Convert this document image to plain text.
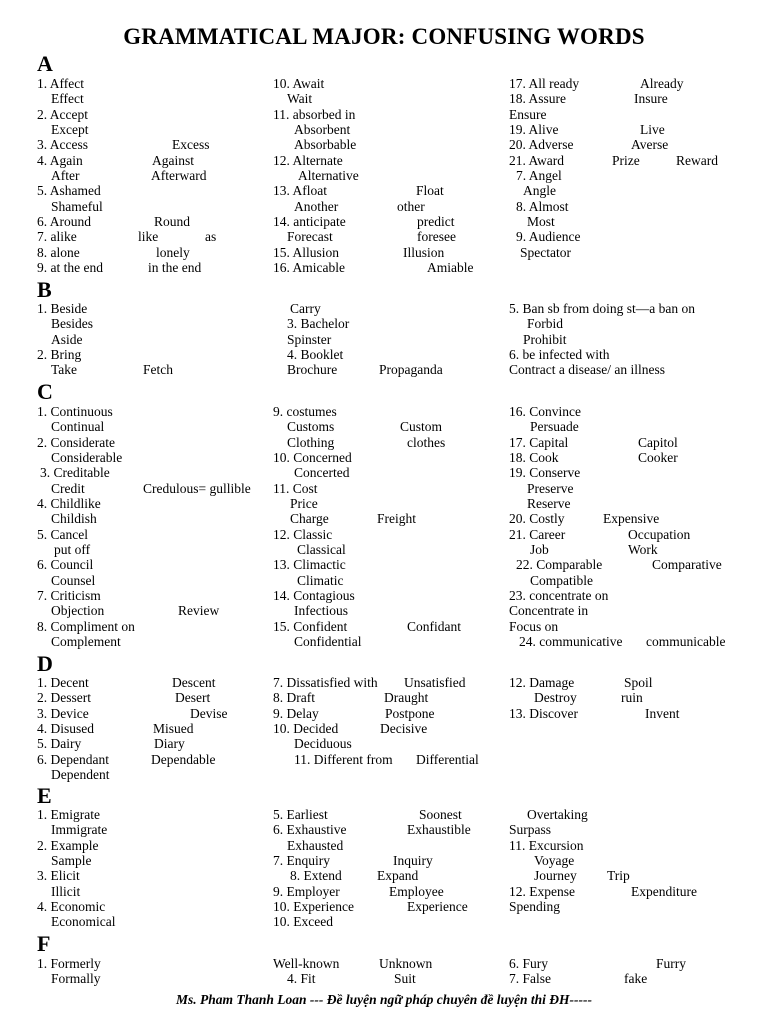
GRAMMATICAL MAJOR: CONFUSING WORDS
A
1. Affect
Effect
2. Accept
Except
3. Access	Excess
4. Again	Against
After	Afterward
5. Ashamed
Shameful
6. Around	Round
7. alike	like	as
8. alone	lonely
9. at the end	in the end
10. Await
Wait
11. absorbed in
Absorbent
Absorbable
12. Alternate
Alternative
13. Afloat	Float
Another	other
14. anticipate	predict
Forecast	foresee
15. Allusion	Illusion
16. Amicable	Amiable
17. All ready	Already
18. Assure	Insure
Ensure
19. Alive	Live
20. Adverse	Averse
21. Award	Prize	Reward
7. Angel
Angle
8. Almost
Most
9. Audience
Spectator
B
1. Beside
Besides
Aside
2. Bring
Take	Fetch
Carry
3. Bachelor
Spinster
4. Booklet
Brochure	Propaganda
5. Ban sb from doing st—a ban on
Forbid
Prohibit
6. be infected with
Contract a disease/ an illness
C
1. Continuous
Continual
2. Considerate
Considerable
3. Creditable
Credit	Credulous= gullible
4. Childlike
Childish
5. Cancel
put off
6. Council
Counsel
7. Criticism
Objection	Review
8. Compliment on
Complement
9. costumes
Customs	Custom
Clothing	clothes
10. Concerned
Concerted
11. Cost
Price
Charge	Freight
12. Classic
Classical
13. Climactic
Climatic
14. Contagious
Infectious
15. Confident	Confidant
Confidential
16. Convince
Persuade
17. Capital	Capitol
18. Cook	Cooker
19. Conserve
Preserve
Reserve
20. Costly	Expensive
21. Career	Occupation
Job	Work
22. Comparable	Comparative
Compatible
23. concentrate on
Concentrate in
Focus on
24. communicative communicable
D
1. Decent	Descent
2. Dessert	Desert
3. Device	Devise
4. Disused	Misued
5. Dairy	Diary
6. Dependant	Dependable
Dependent
7. Dissatisfied with Unsatisfied
8. Draft	Draught
9. Delay	Postpone
10. Decided	Decisive
Deciduous
11. Different from Differential
12. Damage	Spoil
Destroy	ruin
13. Discover	Invent
E
1. Emigrate
Immigrate
2. Example
Sample
3. Elicit
Illicit
4. Economic
Economical
5. Earliest	Soonest
6. Exhaustive	Exhaustible
Exhausted
7. Enquiry	Inquiry
8. Extend	Expand
9. Employer	Employee
10. Experience	Experience
10. Exceed
Overtaking
Surpass
11. Excursion
Voyage
Journey Trip
12. Expense	Expenditure
Spending
F
1. Formerly
Formally
Well-known	Unknown
4. Fit	Suit
6. Fury	Furry
7. False	fake
Ms. Pham Thanh Loan --- Đề luyện ngữ pháp chuyên đề luyện thi ĐH-----
